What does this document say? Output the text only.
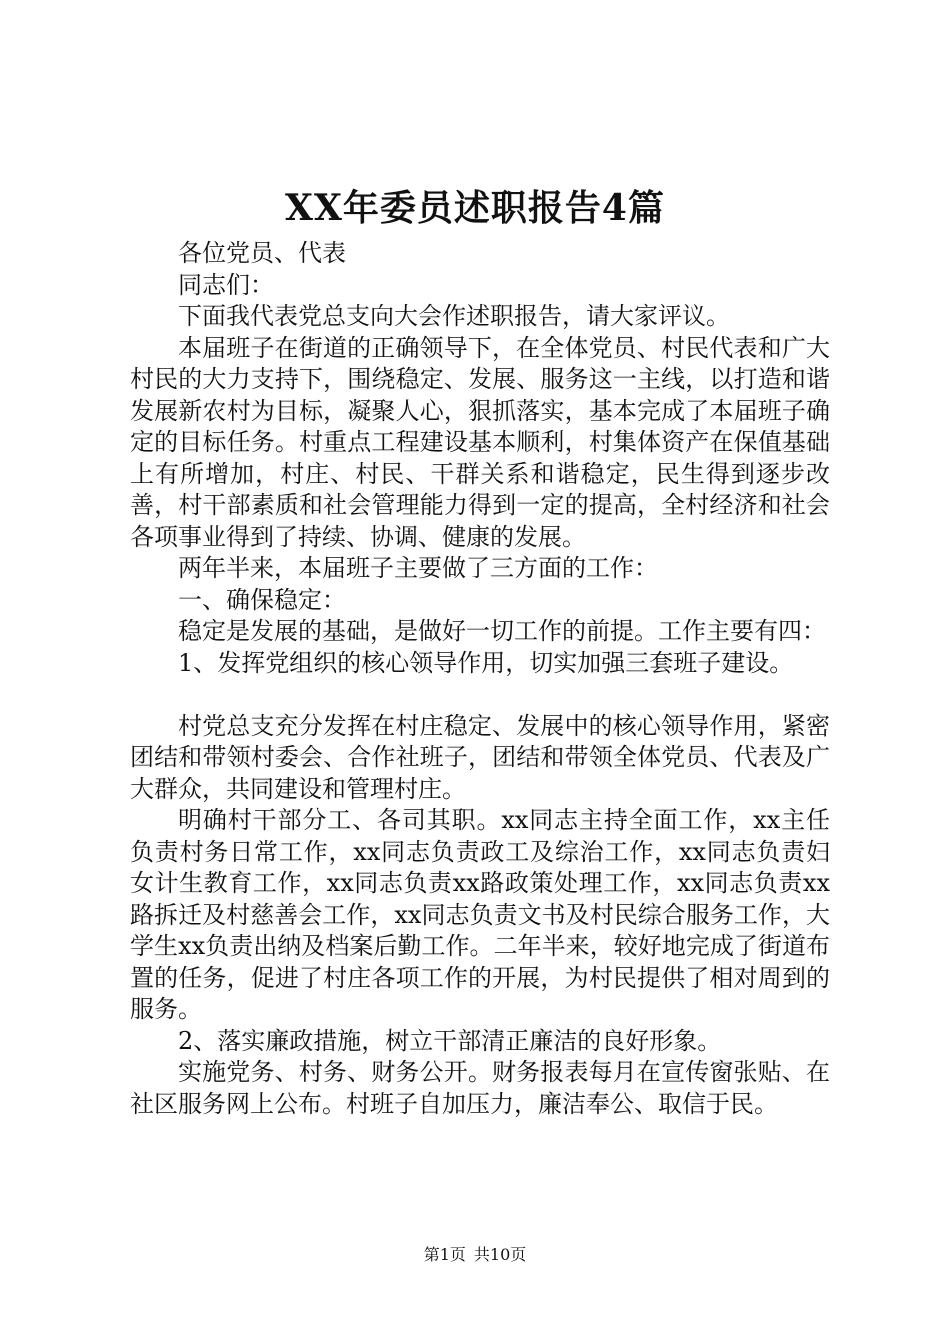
XX年委员述职报告4篇

各位党员、代表

同志们：

下面我代表党总支向大会作述职报告，请大家评议。

本届班子在街道的正确领导下，在全体党员、村民代表和广大村民的大力支持下，围绕稳定、发展、服务这一主线，以打造和谐发展新农村为目标，凝聚人心，狠抓落实，基本完成了本届班子确定的目标任务。村重点工程建设基本顺利，村集体资产在保值基础上有所增加，村庄、村民、干群关系和谐稳定，民生得到逐步改善，村干部素质和社会管理能力得到一定的提高，全村经济和社会各项事业得到了持续、协调、健康的发展。

两年半来，本届班子主要做了三方面的工作：

一、确保稳定：

稳定是发展的基础，是做好一切工作的前提。工作主要有四：

1、发挥党组织的核心领导作用，切实加强三套班子建设。

村党总支充分发挥在村庄稳定、发展中的核心领导作用，紧密团结和带领村委会、合作社班子，团结和带领全体党员、代表及广大群众，共同建设和管理村庄。

明确村干部分工、各司其职。xx同志主持全面工作，xx主任负责村务日常工作，xx同志负责政工及综治工作，xx同志负责妇女计生教育工作，xx同志负责xx路政策处理工作，xx同志负责xx路拆迁及村慈善会工作，xx同志负责文书及村民综合服务工作，大学生xx负责出纳及档案后勤工作。二年半来，较好地完成了街道布置的任务，促进了村庄各项工作的开展，为村民提供了相对周到的服务。

2、落实廉政措施，树立干部清正廉洁的良好形象。

实施党务、村务、财务公开。财务报表每月在宣传窗张贴、在社区服务网上公布。村班子自加压力，廉洁奉公、取信于民。

第1页 共10页
